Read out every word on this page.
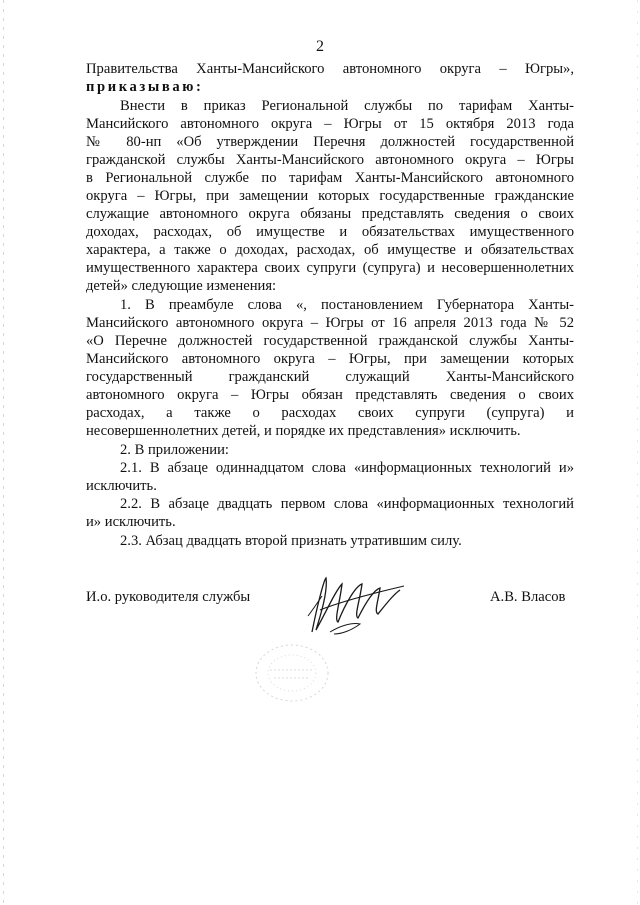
2
Правительства Ханты-Мансийского автономного округа – Югры»,
приказываю:
Внести в приказ Региональной службы по тарифам Ханты-
Мансийского автономного округа – Югры от 15 октября 2013 года
№ 80-нп «Об утверждении Перечня должностей государственной
гражданской службы Ханты-Мансийского автономного округа – Югры
в Региональной службе по тарифам Ханты-Мансийского автономного
округа – Югры, при замещении которых государственные гражданские
служащие автономного округа обязаны представлять сведения о своих
доходах, расходах, об имуществе и обязательствах имущественного
характера, а также о доходах, расходах, об имуществе и обязательствах
имущественного характера своих супруги (супруга) и несовершеннолетних
детей» следующие изменения:
1. В преамбуле слова «, постановлением Губернатора Ханты-
Мансийского автономного округа – Югры от 16 апреля 2013 года № 52
«О Перечне должностей государственной гражданской службы Ханты-
Мансийского автономного округа – Югры, при замещении которых
государственный гражданский служащий Ханты-Мансийского
автономного округа – Югры обязан представлять сведения о своих
расходах, а также о расходах своих супруги (супруга) и
несовершеннолетних детей, и порядке их представления» исключить.
2. В приложении:
2.1. В абзаце одиннадцатом слова «информационных технологий и»
исключить.
2.2. В абзаце двадцать первом слова «информационных технологий
и» исключить.
2.3. Абзац двадцать второй признать утратившим силу.
И.о. руководителя службы	А.В. Власов
